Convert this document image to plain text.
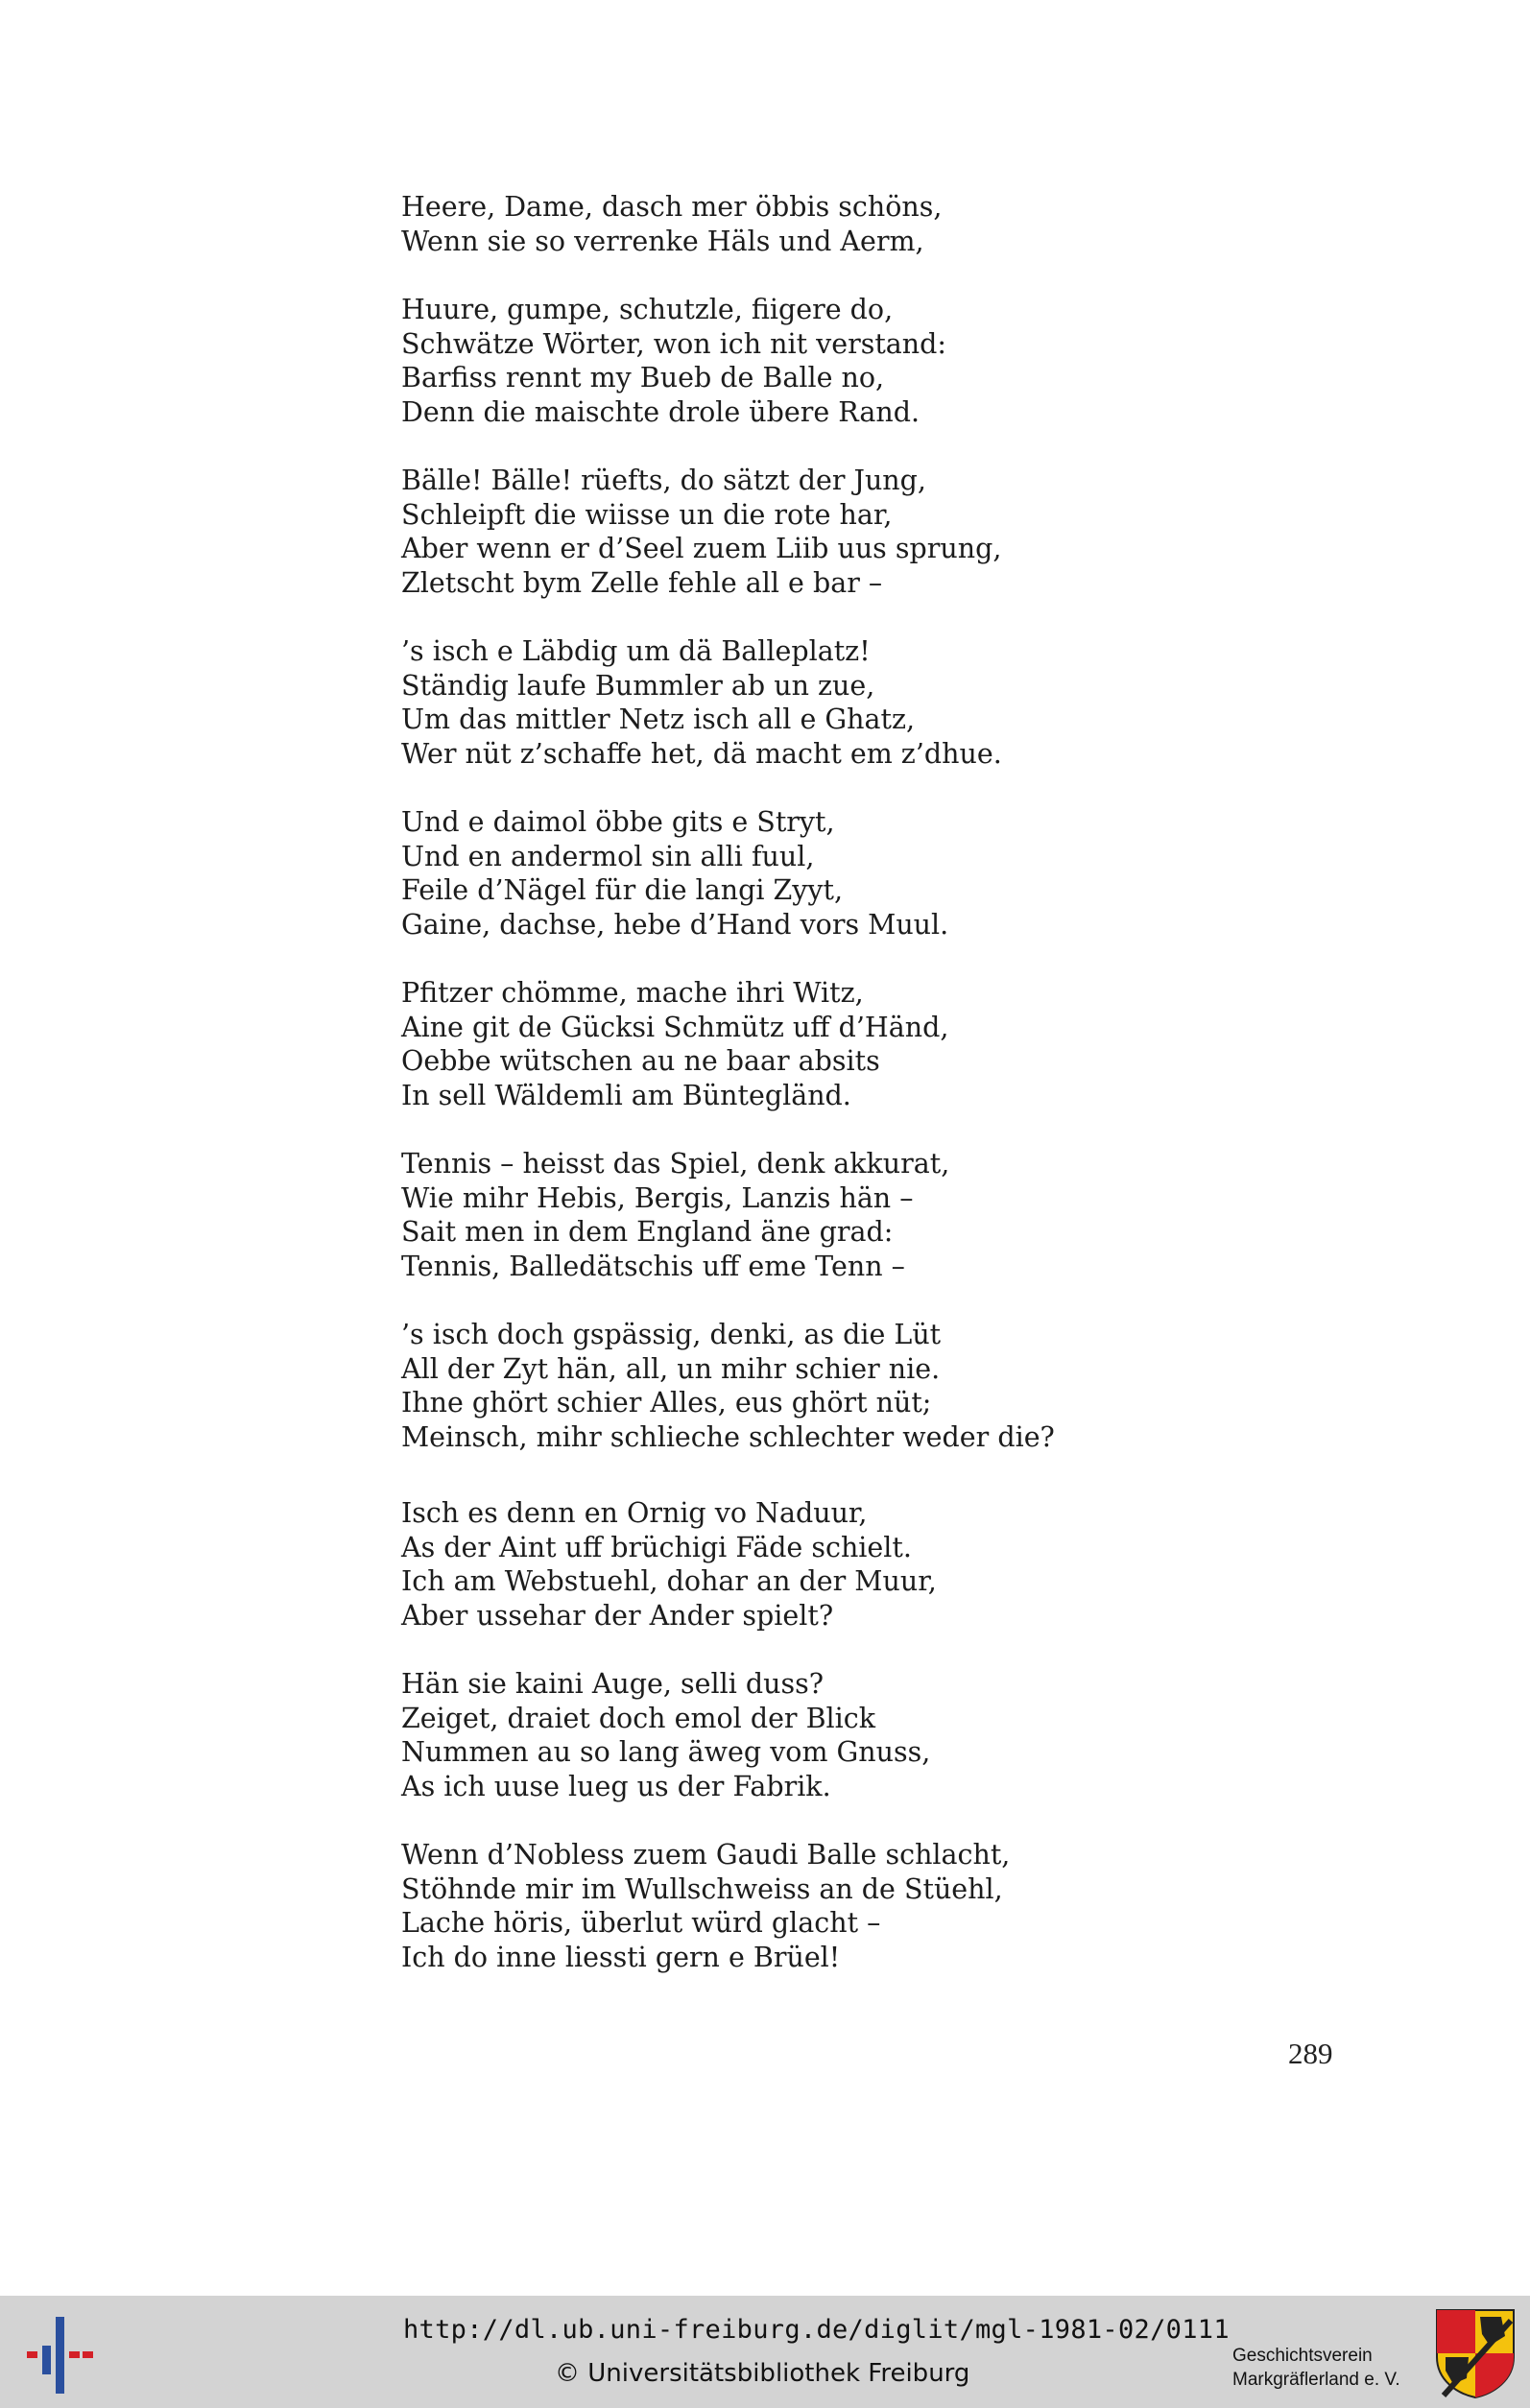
Heere, Dame, dasch mer öbbis schöns,
Wenn sie so verrenke Häls und Aerm,
Huure, gumpe, schutzle, fiigere do,
Schwätze Wörter, won ich nit verstand:
Barfiss rennt my Bueb de Balle no,
Denn die maischte drole übere Rand.
Bälle! Bälle! rüefts, do sätzt der Jung,
Schleipft die wiisse un die rote har,
Aber wenn er d’Seel zuem Liib uus sprung,
Zletscht bym Zelle fehle all e bar –
’s isch e Läbdig um dä Balleplatz!
Ständig laufe Bummler ab un zue,
Um das mittler Netz isch all e Ghatz,
Wer nüt z’schaffe het, dä macht em z’dhue.
Und e daimol öbbe gits e Stryt,
Und en andermol sin alli fuul,
Feile d’Nägel für die langi Zyyt,
Gaine, dachse, hebe d’Hand vors Muul.
Pfitzer chömme, mache ihri Witz,
Aine git de Gücksi Schmütz uff d’Händ,
Oebbe wütschen au ne baar absits
In sell Wäldemli am Büntegländ.
Tennis – heisst das Spiel, denk akkurat,
Wie mihr Hebis, Bergis, Lanzis hän –
Sait men in dem England äne grad:
Tennis, Balledätschis uff eme Tenn –
’s isch doch gspässig, denki, as die Lüt
All der Zyt hän, all, un mihr schier nie.
Ihne ghört schier Alles, eus ghört nüt;
Meinsch, mihr schlieche schlechter weder die?
Isch es denn en Ornig vo Naduur,
As der Aint uff brüchigi Fäde schielt.
Ich am Webstuehl, dohar an der Muur,
Aber ussehar der Ander spielt?
Hän sie kaini Auge, selli duss?
Zeiget, draiet doch emol der Blick
Nummen au so lang äweg vom Gnuss,
As ich uuse lueg us der Fabrik.
Wenn d’Nobless zuem Gaudi Balle schlacht,
Stöhnde mir im Wullschweiss an de Stüehl,
Lache höris, überlut würd glacht –
Ich do inne liessti gern e Brüel!
289
http://dl.ub.uni-freiburg.de/diglit/mgl-1981-02/0111
© Universitätsbibliothek Freiburg
Geschichtsverein
Markgräflerland e. V.
